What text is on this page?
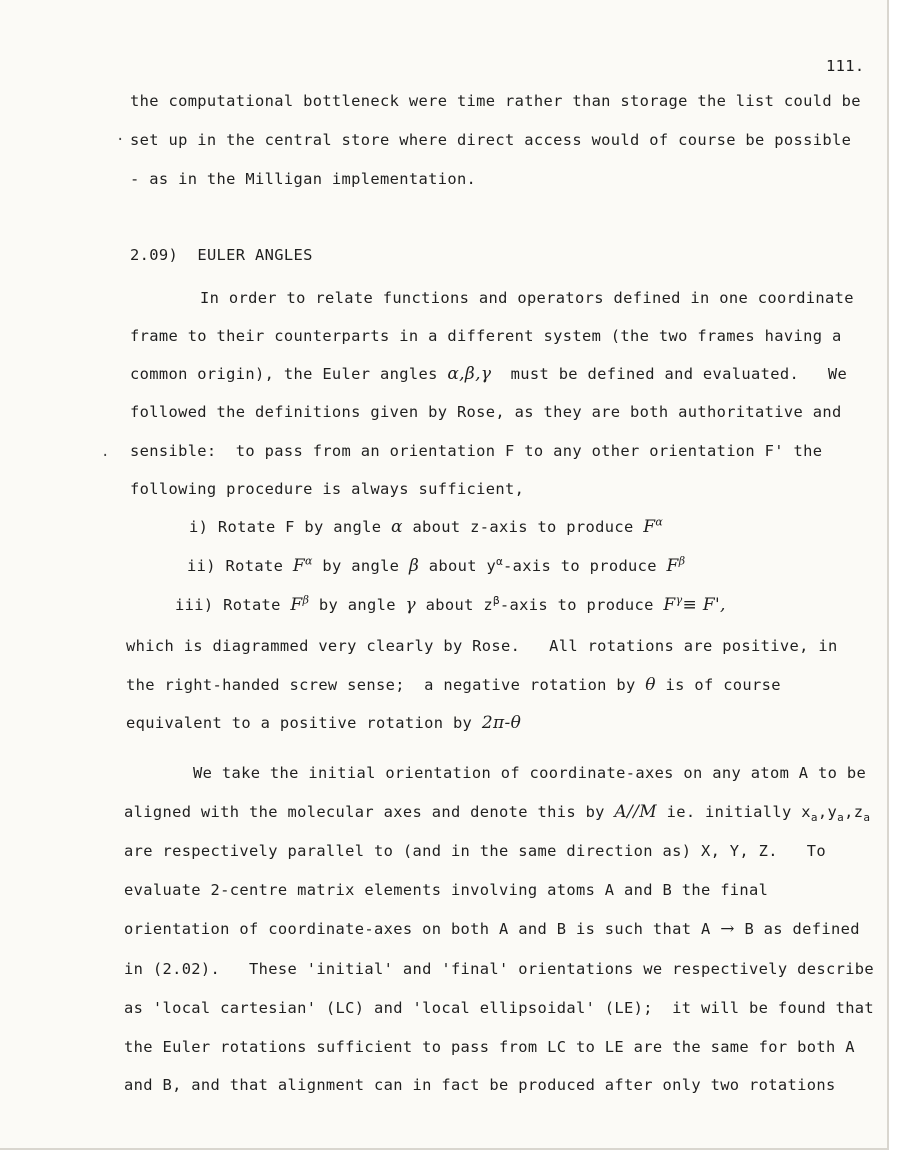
111.
the computational bottleneck were time rather than storage the list could be
· set up in the central store where direct access would of course be possible
- as in the Milligan implementation.
2.09) EULER ANGLES
In order to relate functions and operators defined in one coordinate
frame to their counterparts in a different system (the two frames having a
common origin), the Euler angles α,β,γ must be defined and evaluated.   We
followed the definitions given by Rose, as they are both authoritative and
· sensible:  to pass from an orientation F to any other orientation F' the
following procedure is always sufficient,
i) Rotate F by angle α about z-axis to produce $F^\alpha$
ii) Rotate $F^\alpha$ by angle β about $y^\alpha$-axis to produce $F^\beta$
iii) Rotate $F^\beta$ by angle γ about $z^\beta$-axis to produce $F^\gamma\equiv F'$,
which is diagrammed very clearly by Rose.   All rotations are positive, in
the right-handed screw sense;  a negative rotation by θ is of course
equivalent to a positive rotation by 2π-θ
We take the initial orientation of coordinate-axes on any atom A to be
aligned with the molecular axes and denote this by A//M ie. initially $x_a,y_a,z_a$
are respectively parallel to (and in the same direction as) X, Y, Z.   To
evaluate 2-centre matrix elements involving atoms A and B the final
orientation of coordinate-axes on both A and B is such that A → B as defined
in (2.02).   These 'initial' and 'final' orientations we respectively describe
as 'local cartesian' (LC) and 'local ellipsoidal' (LE);  it will be found that
the Euler rotations sufficient to pass from LC to LE are the same for both A
and B, and that alignment can in fact be produced after only two rotations
